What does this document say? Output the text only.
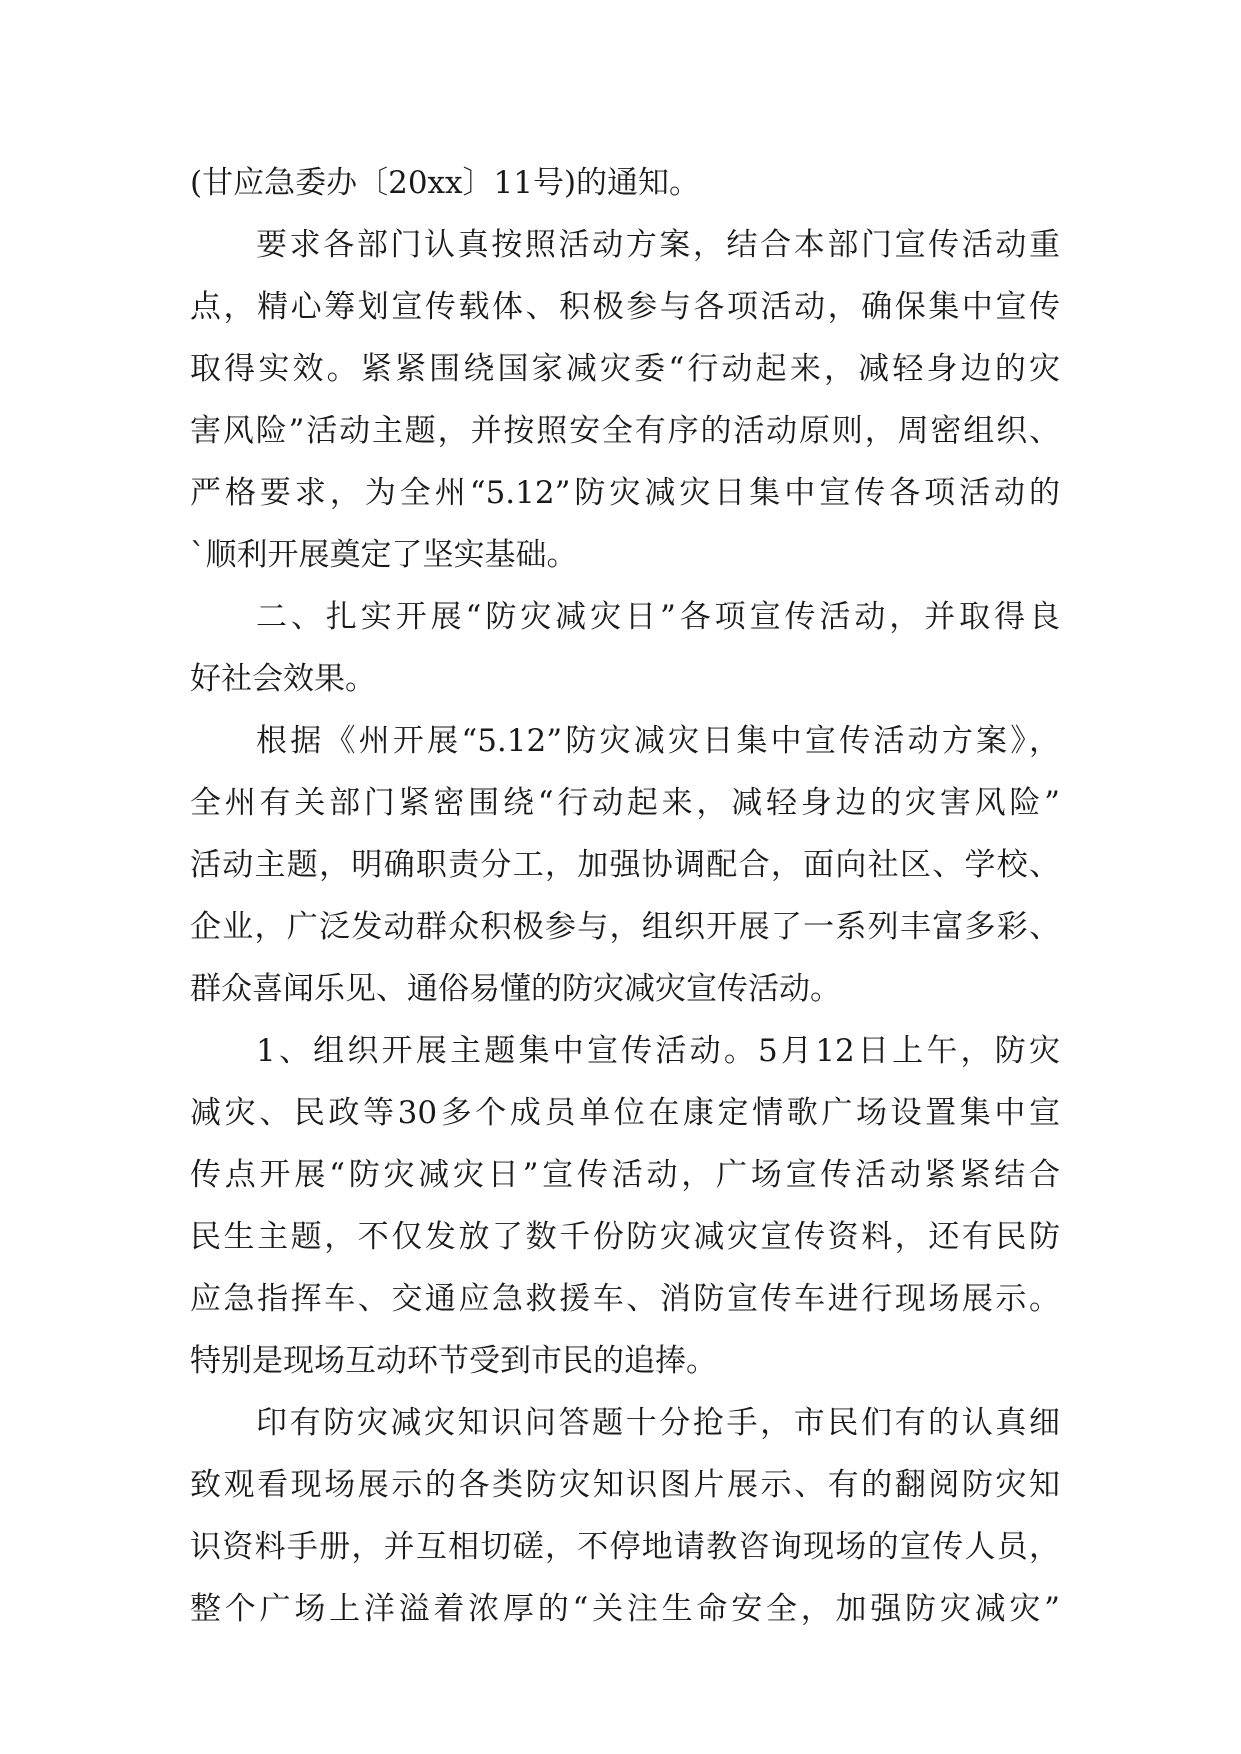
(甘应急委办〔20xx〕11号)的通知。
要求各部门认真按照活动方案，结合本部门宣传活动重
点，精心筹划宣传载体、积极参与各项活动，确保集中宣传
取得实效。紧紧围绕国家减灾委“行动起来，减轻身边的灾
害风险”活动主题，并按照安全有序的活动原则，周密组织、
严格要求，为全州“5.12”防灾减灾日集中宣传各项活动的
`顺利开展奠定了坚实基础。
二、扎实开展“防灾减灾日”各项宣传活动，并取得良
好社会效果。
根据《州开展“5.12”防灾减灾日集中宣传活动方案》，
全州有关部门紧密围绕“行动起来，减轻身边的灾害风险”
活动主题，明确职责分工，加强协调配合，面向社区、学校、
企业，广泛发动群众积极参与，组织开展了一系列丰富多彩、
群众喜闻乐见、通俗易懂的防灾减灾宣传活动。
1、组织开展主题集中宣传活动。5月12日上午，防灾
减灾、民政等30多个成员单位在康定情歌广场设置集中宣
传点开展“防灾减灾日”宣传活动，广场宣传活动紧紧结合
民生主题，不仅发放了数千份防灾减灾宣传资料，还有民防
应急指挥车、交通应急救援车、消防宣传车进行现场展示。
特别是现场互动环节受到市民的追捧。
印有防灾减灾知识问答题十分抢手，市民们有的认真细
致观看现场展示的各类防灾知识图片展示、有的翻阅防灾知
识资料手册，并互相切磋，不停地请教咨询现场的宣传人员，
整个广场上洋溢着浓厚的“关注生命安全，加强防灾减灾”
